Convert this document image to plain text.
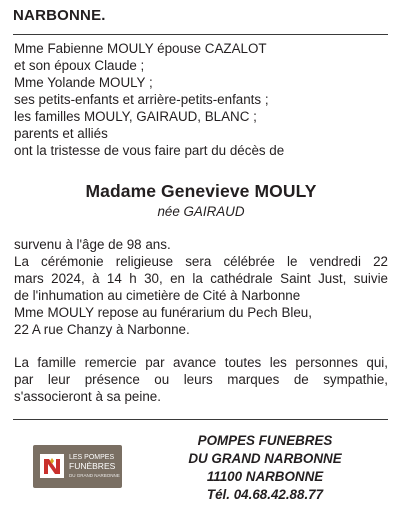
NARBONNE.
Mme Fabienne MOULY épouse CAZALOT
et son époux Claude ;
Mme Yolande MOULY ;
ses petits-enfants et arrière-petits-enfants ;
les familles MOULY, GAIRAUD, BLANC ;
parents et alliés
ont la tristesse de vous faire part du décès de
Madame Genevieve MOULY
née GAIRAUD
survenu à l'âge de 98 ans.
La cérémonie religieuse sera célébrée le vendredi 22
mars 2024, à 14 h 30, en la cathédrale Saint Just, suivie
de l'inhumation au cimetière de Cité à Narbonne
Mme MOULY repose au funérarium du Pech Bleu,
22 A rue Chanzy à Narbonne.
La famille remercie par avance toutes les personnes qui,
par leur présence ou leurs marques de sympathie,
s'associeront à sa peine.
LES POMPES
FUNÈBRES
DU GRAND NARBONNE
POMPES FUNEBRES
DU GRAND NARBONNE
11100 NARBONNE
Tél. 04.68.42.88.77
